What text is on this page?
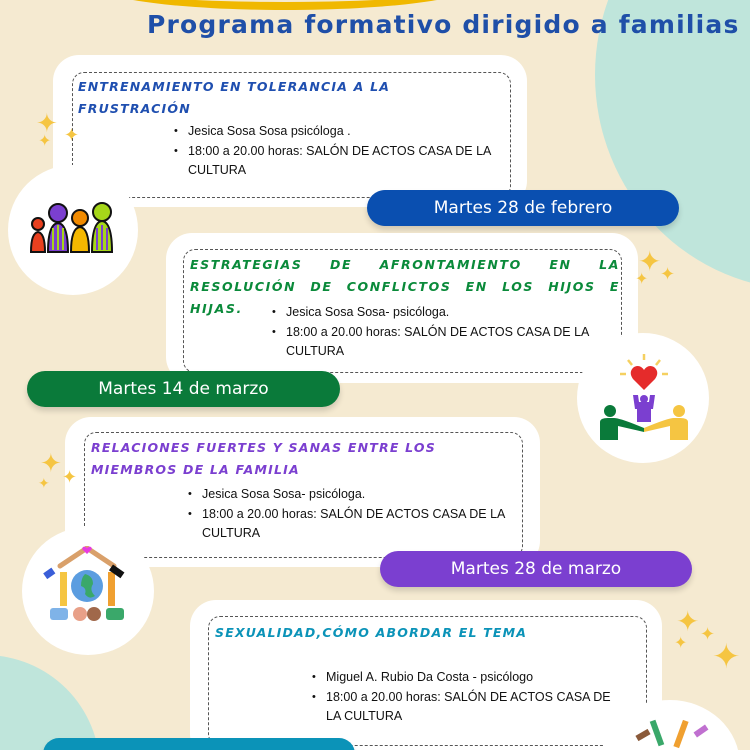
Programa formativo dirigido a familias
ENTRENAMIENTO EN TOLERANCIA A LA FRUSTRACIÓN
• Jesica Sosa Sosa psicóloga .
• 18:00 a 20.00 horas: SALÓN DE ACTOS CASA DE LA CULTURA
Martes 28 de febrero
✦ ✦
✦
ESTRATEGIAS DE AFRONTAMIENTO EN LA RESOLUCIÓN DE CONFLICTOS EN LOS HIJOS E HIJAS.	• Jesica Sosa Sosa- psicóloga.
• 18:00 a 20.00 horas: SALÓN DE ACTOS CASA DE LA CULTURA
Martes 14 de marzo
✦
✦
✦
RELACIONES FUERTES Y SANAS ENTRE LOS MIEMBROS DE LA FAMILIA
• Jesica Sosa Sosa- psicóloga.
• 18:00 a 20.00 horas: SALÓN DE ACTOS CASA DE LA CULTURA
Martes 28 de marzo
✦ ✦
✦
SEXUALIDAD,CÓMO ABORDAR EL TEMA
• Miguel A. Rubio Da Costa - psicólogo
• 18:00 a 20.00 horas: SALÓN DE ACTOS CASA DE LA CULTURA
✦ ✦
✦ ✦
